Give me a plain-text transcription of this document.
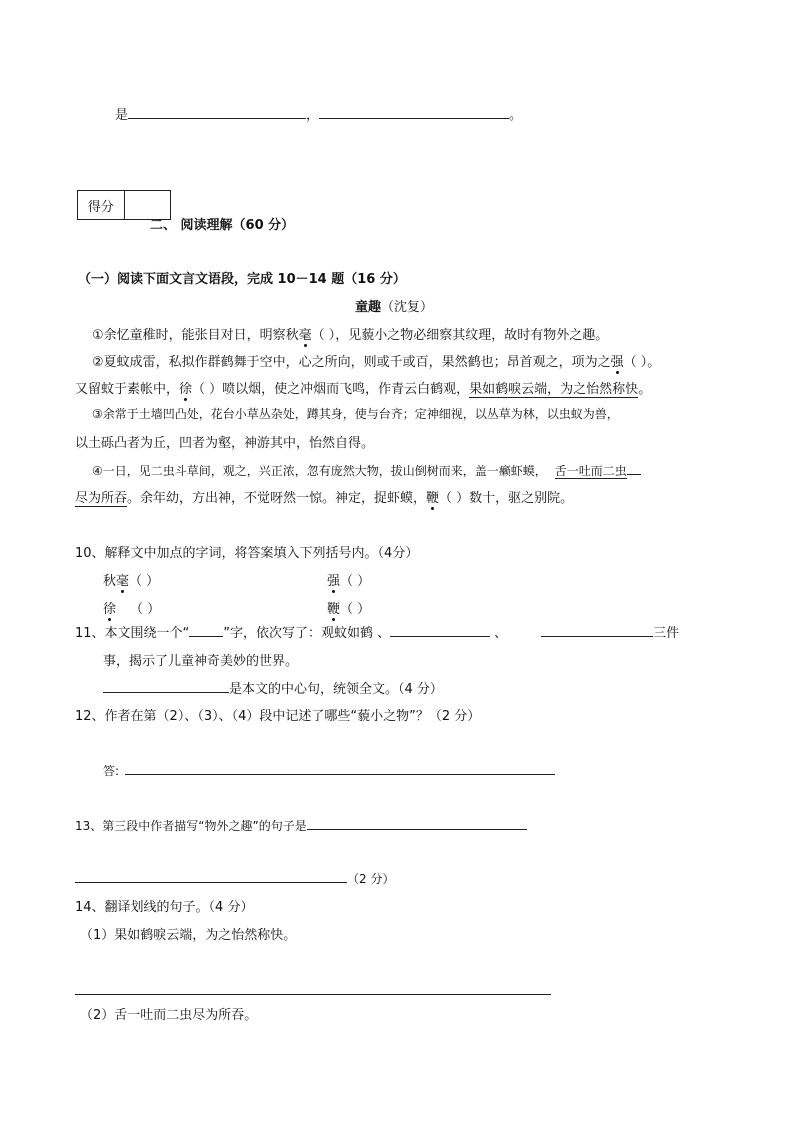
是	，	。
得分
二、 阅读理解（60 分）
（一）阅读下面文言文语段，完成 10－14 题（16 分）
童趣（沈复）
①余忆童稚时，能张目对日，明察秋毫（ ），见藐小之物必细察其纹理，故时有物外之趣。
②夏蚊成雷，私拟作群鹤舞于空中，心之所向，则或千或百，果然鹤也；昂首观之，项为之强（ ）。
又留蚊于素帐中，徐（ ）喷以烟，使之冲烟而飞鸣，作青云白鹤观，果如鹤唳云端，为之怡然称快。
③余常于土墙凹凸处，花台小草丛杂处，蹲其身，使与台齐；定神细视，以丛草为林，以虫蚁为兽，
以土砾凸者为丘，凹者为壑，神游其中，怡然自得。
④一日，见二虫斗草间，观之，兴正浓，忽有庞然大物，拔山倒树而来，盖一癞虾蟆， 舌一吐而二虫
尽为所吞。余年幼，方出神，不觉呀然一惊。神定，捉虾蟆，鞭（ ）数十，驱之别院。
10、解释文中加点的字词，将答案填入下列括号内。（4分）
秋毫（ ）	强（ ）
徐 （ ）	鞭（ ）
11、本文围绕一个“	”字，依次写了：观蚊如鹤 、	、	三件
事，揭示了儿童神奇美妙的世界。
是本文的中心句，统领全文。（4 分）
12、作者在第（2）、（3）、（4）段中记述了哪些“藐小之物”？（2 分）
答:
13、第三段中作者描写“物外之趣”的句子是
（2 分）
14、翻译划线的句子。（4 分）
（1）果如鹤唳云端，为之怡然称快。
（2）舌一吐而二虫尽为所吞。
